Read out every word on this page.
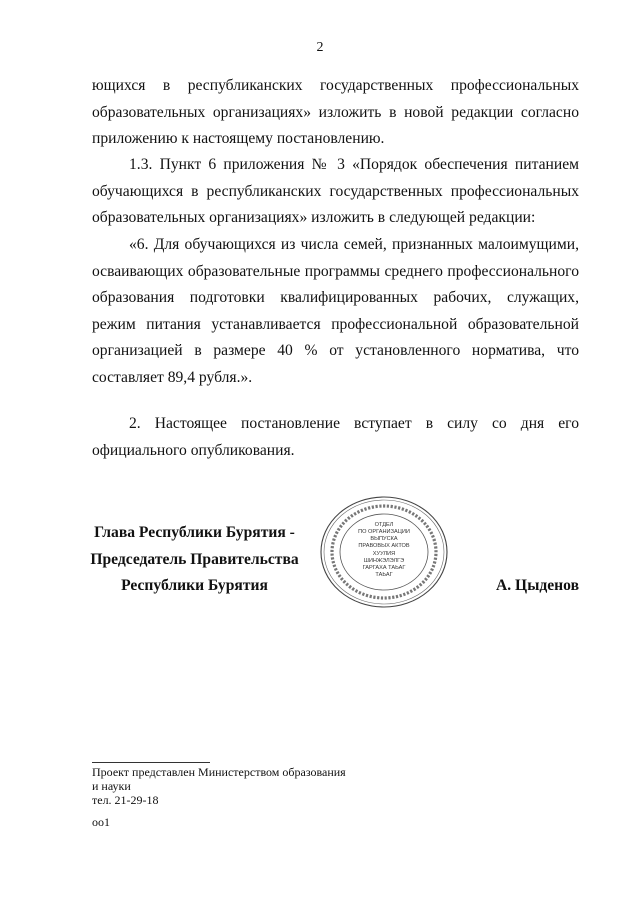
2
ющихся в республиканских государственных профессиональных образовательных организациях» изложить в новой редакции согласно приложению к настоящему постановлению.
1.3. Пункт 6 приложения № 3 «Порядок обеспечения питанием обучающихся в республиканских государственных профессиональных образовательных организациях» изложить в следующей редакции:
«6. Для обучающихся из числа семей, признанных малоимущими, осваивающих образовательные программы среднего профессионального образования подготовки квалифицированных рабочих, служащих, режим питания устанавливается профессиональной образовательной организацией в размере 40 % от установленного норматива, что составляет 89,4 рубля.».
2. Настоящее постановление вступает в силу со дня его официального опубликования.
Глава Республики Бурятия -
Председатель Правительства
Республики Бурятия
ОТДЕЛ
ПО ОРГАНИЗАЦИИ
ВЫПУСКА
ПРАВОВЫХ АКТОВ
ХУУЛИЯ
ШИНЖЭЛЭЛГЭ
ГАРГАХА ТАЬАГ
ТАЬАГ
А. Цыденов
Проект представлен Министерством образования
и науки
тел. 21-29-18
оо1
